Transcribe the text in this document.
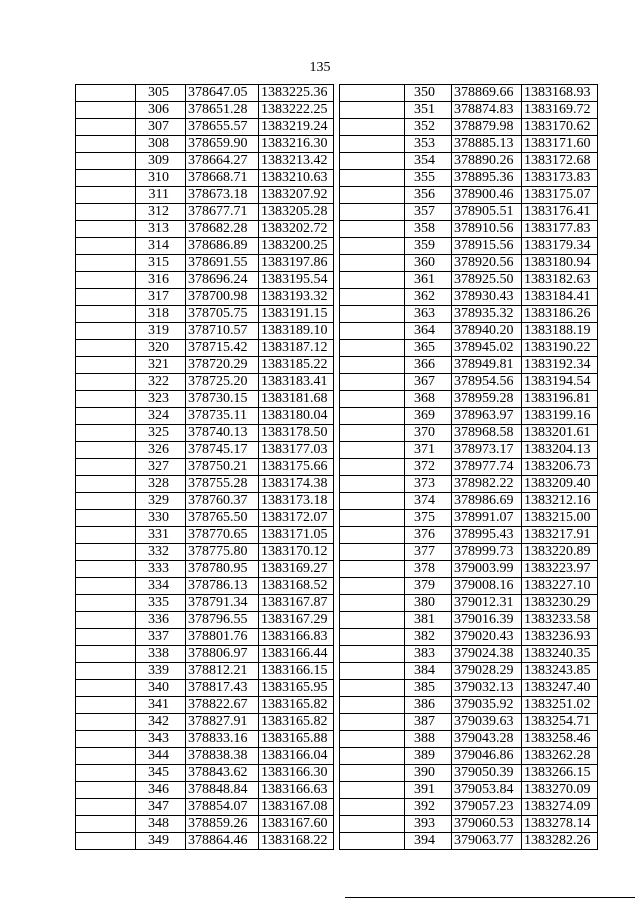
135
	305	378647.05	1383225.36
	306	378651.28	1383222.25
	307	378655.57	1383219.24
	308	378659.90	1383216.30
	309	378664.27	1383213.42
	310	378668.71	1383210.63
	311	378673.18	1383207.92
	312	378677.71	1383205.28
	313	378682.28	1383202.72
	314	378686.89	1383200.25
	315	378691.55	1383197.86
	316	378696.24	1383195.54
	317	378700.98	1383193.32
	318	378705.75	1383191.15
	319	378710.57	1383189.10
	320	378715.42	1383187.12
	321	378720.29	1383185.22
	322	378725.20	1383183.41
	323	378730.15	1383181.68
	324	378735.11	1383180.04
	325	378740.13	1383178.50
	326	378745.17	1383177.03
	327	378750.21	1383175.66
	328	378755.28	1383174.38
	329	378760.37	1383173.18
	330	378765.50	1383172.07
	331	378770.65	1383171.05
	332	378775.80	1383170.12
	333	378780.95	1383169.27
	334	378786.13	1383168.52
	335	378791.34	1383167.87
	336	378796.55	1383167.29
	337	378801.76	1383166.83
	338	378806.97	1383166.44
	339	378812.21	1383166.15
	340	378817.43	1383165.95
	341	378822.67	1383165.82
	342	378827.91	1383165.82
	343	378833.16	1383165.88
	344	378838.38	1383166.04
	345	378843.62	1383166.30
	346	378848.84	1383166.63
	347	378854.07	1383167.08
	348	378859.26	1383167.60
	349	378864.46	1383168.22
	350	378869.66	1383168.93
	351	378874.83	1383169.72
	352	378879.98	1383170.62
	353	378885.13	1383171.60
	354	378890.26	1383172.68
	355	378895.36	1383173.83
	356	378900.46	1383175.07
	357	378905.51	1383176.41
	358	378910.56	1383177.83
	359	378915.56	1383179.34
	360	378920.56	1383180.94
	361	378925.50	1383182.63
	362	378930.43	1383184.41
	363	378935.32	1383186.26
	364	378940.20	1383188.19
	365	378945.02	1383190.22
	366	378949.81	1383192.34
	367	378954.56	1383194.54
	368	378959.28	1383196.81
	369	378963.97	1383199.16
	370	378968.58	1383201.61
	371	378973.17	1383204.13
	372	378977.74	1383206.73
	373	378982.22	1383209.40
	374	378986.69	1383212.16
	375	378991.07	1383215.00
	376	378995.43	1383217.91
	377	378999.73	1383220.89
	378	379003.99	1383223.97
	379	379008.16	1383227.10
	380	379012.31	1383230.29
	381	379016.39	1383233.58
	382	379020.43	1383236.93
	383	379024.38	1383240.35
	384	379028.29	1383243.85
	385	379032.13	1383247.40
	386	379035.92	1383251.02
	387	379039.63	1383254.71
	388	379043.28	1383258.46
	389	379046.86	1383262.28
	390	379050.39	1383266.15
	391	379053.84	1383270.09
	392	379057.23	1383274.09
	393	379060.53	1383278.14
	394	379063.77	1383282.26
